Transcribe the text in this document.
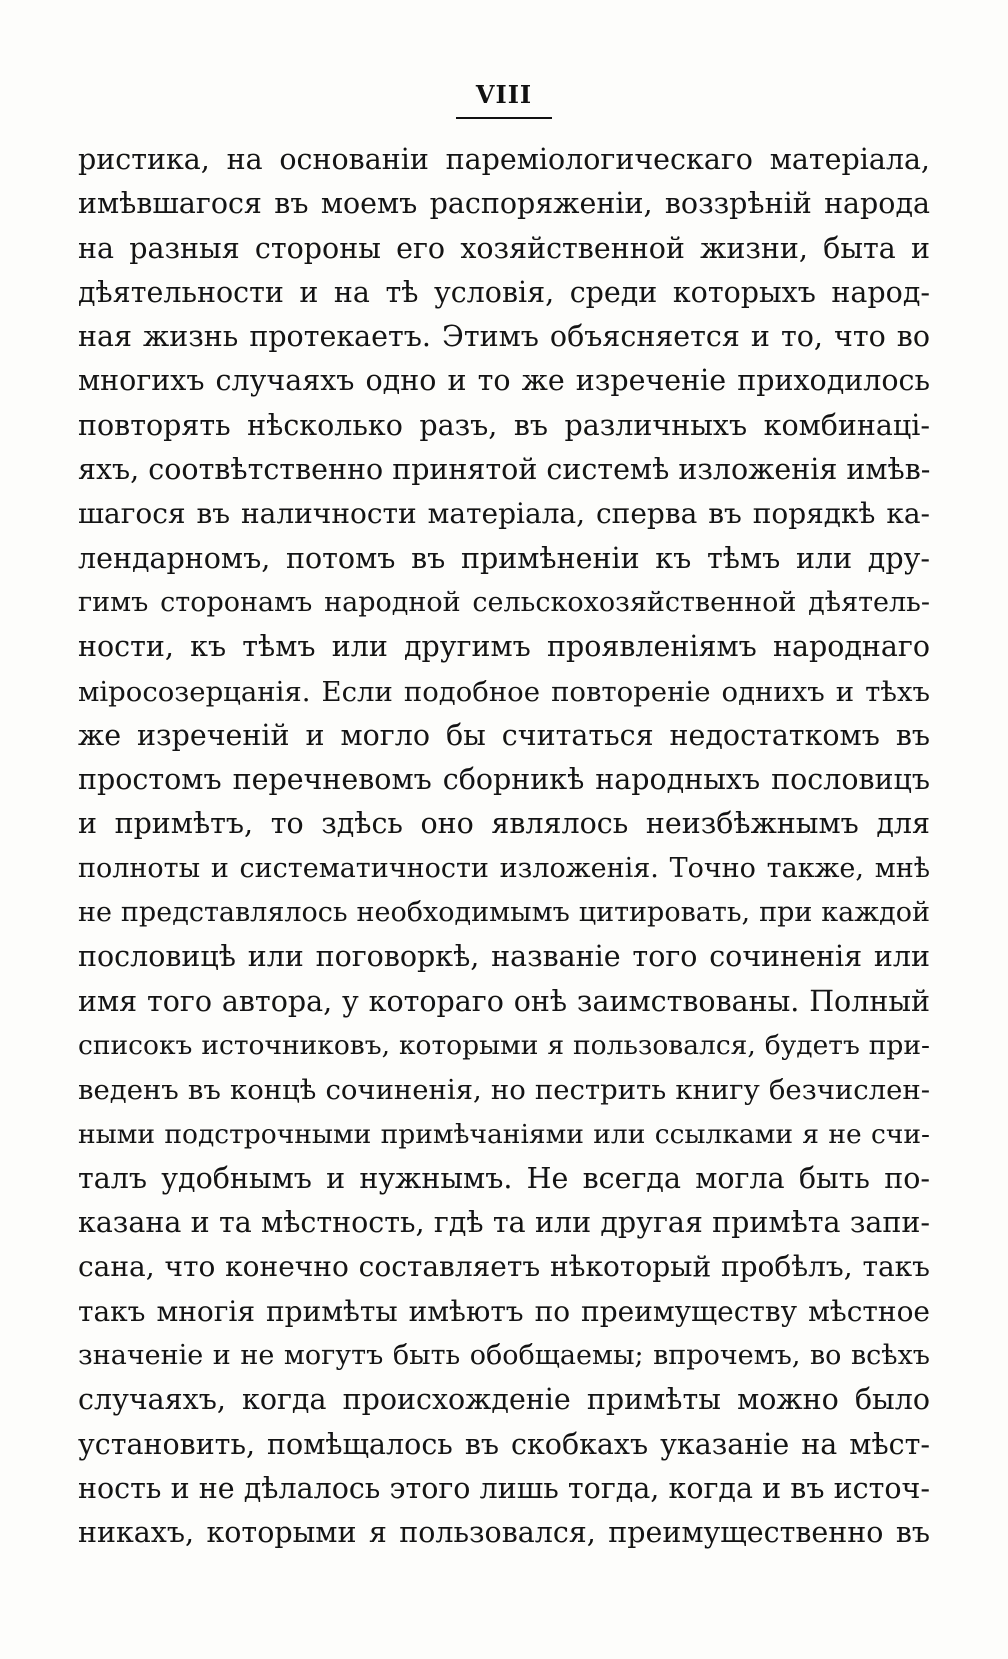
VIII
ристика, на основаніи пареміологическаго матеріала,
имѣвшагося въ моемъ распоряженіи, воззрѣній народа
на разныя стороны его хозяйственной жизни, быта и
дѣятельности и на тѣ условія, среди которыхъ народ-
ная жизнь протекаетъ. Этимъ объясняется и то, что во
многихъ случаяхъ одно и то же изреченіе приходилось
повторять нѣсколько разъ, въ различныхъ комбинаці-
яхъ, соотвѣтственно принятой системѣ изложенія имѣв-
шагося въ наличности матеріала, сперва въ порядкѣ ка-
лендарномъ, потомъ въ примѣненіи къ тѣмъ или дру-
гимъ сторонамъ народной сельскохозяйственной дѣятель-
ности, къ тѣмъ или другимъ проявленіямъ народнаго
міросозерцанія. Если подобное повтореніе однихъ и тѣхъ
же изреченій и могло бы считаться недостаткомъ въ
простомъ перечневомъ сборникѣ народныхъ пословицъ
и примѣтъ, то здѣсь оно являлось неизбѣжнымъ для
полноты и систематичности изложенія. Точно также, мнѣ
не представлялось необходимымъ цитировать, при каждой
пословицѣ или поговоркѣ, названіе того сочиненія или
имя того автора, у котораго онѣ заимствованы. Полный
списокъ источниковъ, которыми я пользовался, будетъ при-
веденъ въ концѣ сочиненія, но пестрить книгу безчислен-
ными подстрочными примѣчаніями или ссылками я не счи-
талъ удобнымъ и нужнымъ. Не всегда могла быть по-
казана и та мѣстность, гдѣ та или другая примѣта запи-
сана, что конечно составляетъ нѣкоторый пробѣлъ, такъ
такъ многія примѣты имѣютъ по преимуществу мѣстное
значеніе и не могутъ быть обобщаемы; впрочемъ, во всѣхъ
случаяхъ, когда происхожденіе примѣты можно было
установить, помѣщалось въ скобкахъ указаніе на мѣст-
ность и не дѣлалось этого лишь тогда, когда и въ источ-
никахъ, которыми я пользовался, преимущественно въ
